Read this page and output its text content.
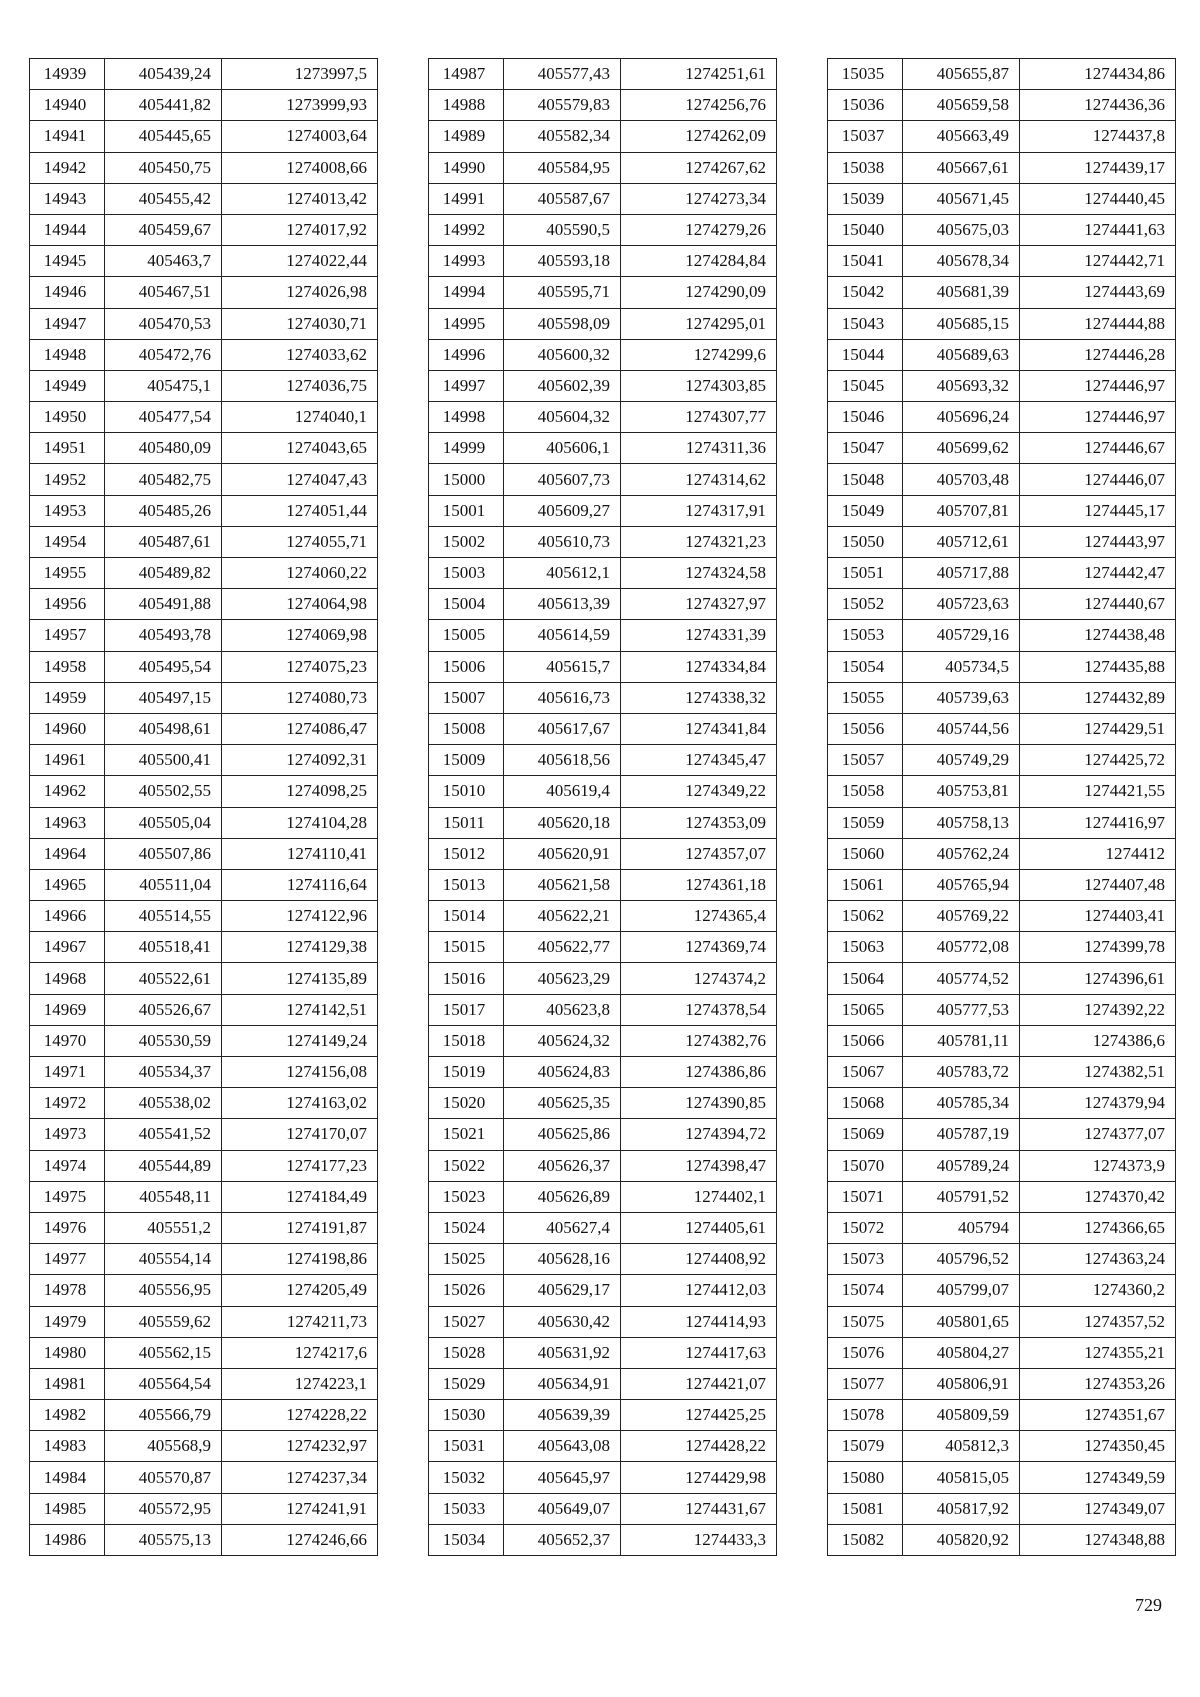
14939	405439,24	1273997,5
14940	405441,82	1273999,93
14941	405445,65	1274003,64
14942	405450,75	1274008,66
14943	405455,42	1274013,42
14944	405459,67	1274017,92
14945	405463,7	1274022,44
14946	405467,51	1274026,98
14947	405470,53	1274030,71
14948	405472,76	1274033,62
14949	405475,1	1274036,75
14950	405477,54	1274040,1
14951	405480,09	1274043,65
14952	405482,75	1274047,43
14953	405485,26	1274051,44
14954	405487,61	1274055,71
14955	405489,82	1274060,22
14956	405491,88	1274064,98
14957	405493,78	1274069,98
14958	405495,54	1274075,23
14959	405497,15	1274080,73
14960	405498,61	1274086,47
14961	405500,41	1274092,31
14962	405502,55	1274098,25
14963	405505,04	1274104,28
14964	405507,86	1274110,41
14965	405511,04	1274116,64
14966	405514,55	1274122,96
14967	405518,41	1274129,38
14968	405522,61	1274135,89
14969	405526,67	1274142,51
14970	405530,59	1274149,24
14971	405534,37	1274156,08
14972	405538,02	1274163,02
14973	405541,52	1274170,07
14974	405544,89	1274177,23
14975	405548,11	1274184,49
14976	405551,2	1274191,87
14977	405554,14	1274198,86
14978	405556,95	1274205,49
14979	405559,62	1274211,73
14980	405562,15	1274217,6
14981	405564,54	1274223,1
14982	405566,79	1274228,22
14983	405568,9	1274232,97
14984	405570,87	1274237,34
14985	405572,95	1274241,91
14986	405575,13	1274246,66
14987	405577,43	1274251,61
14988	405579,83	1274256,76
14989	405582,34	1274262,09
14990	405584,95	1274267,62
14991	405587,67	1274273,34
14992	405590,5	1274279,26
14993	405593,18	1274284,84
14994	405595,71	1274290,09
14995	405598,09	1274295,01
14996	405600,32	1274299,6
14997	405602,39	1274303,85
14998	405604,32	1274307,77
14999	405606,1	1274311,36
15000	405607,73	1274314,62
15001	405609,27	1274317,91
15002	405610,73	1274321,23
15003	405612,1	1274324,58
15004	405613,39	1274327,97
15005	405614,59	1274331,39
15006	405615,7	1274334,84
15007	405616,73	1274338,32
15008	405617,67	1274341,84
15009	405618,56	1274345,47
15010	405619,4	1274349,22
15011	405620,18	1274353,09
15012	405620,91	1274357,07
15013	405621,58	1274361,18
15014	405622,21	1274365,4
15015	405622,77	1274369,74
15016	405623,29	1274374,2
15017	405623,8	1274378,54
15018	405624,32	1274382,76
15019	405624,83	1274386,86
15020	405625,35	1274390,85
15021	405625,86	1274394,72
15022	405626,37	1274398,47
15023	405626,89	1274402,1
15024	405627,4	1274405,61
15025	405628,16	1274408,92
15026	405629,17	1274412,03
15027	405630,42	1274414,93
15028	405631,92	1274417,63
15029	405634,91	1274421,07
15030	405639,39	1274425,25
15031	405643,08	1274428,22
15032	405645,97	1274429,98
15033	405649,07	1274431,67
15034	405652,37	1274433,3
15035	405655,87	1274434,86
15036	405659,58	1274436,36
15037	405663,49	1274437,8
15038	405667,61	1274439,17
15039	405671,45	1274440,45
15040	405675,03	1274441,63
15041	405678,34	1274442,71
15042	405681,39	1274443,69
15043	405685,15	1274444,88
15044	405689,63	1274446,28
15045	405693,32	1274446,97
15046	405696,24	1274446,97
15047	405699,62	1274446,67
15048	405703,48	1274446,07
15049	405707,81	1274445,17
15050	405712,61	1274443,97
15051	405717,88	1274442,47
15052	405723,63	1274440,67
15053	405729,16	1274438,48
15054	405734,5	1274435,88
15055	405739,63	1274432,89
15056	405744,56	1274429,51
15057	405749,29	1274425,72
15058	405753,81	1274421,55
15059	405758,13	1274416,97
15060	405762,24	1274412
15061	405765,94	1274407,48
15062	405769,22	1274403,41
15063	405772,08	1274399,78
15064	405774,52	1274396,61
15065	405777,53	1274392,22
15066	405781,11	1274386,6
15067	405783,72	1274382,51
15068	405785,34	1274379,94
15069	405787,19	1274377,07
15070	405789,24	1274373,9
15071	405791,52	1274370,42
15072	405794	1274366,65
15073	405796,52	1274363,24
15074	405799,07	1274360,2
15075	405801,65	1274357,52
15076	405804,27	1274355,21
15077	405806,91	1274353,26
15078	405809,59	1274351,67
15079	405812,3	1274350,45
15080	405815,05	1274349,59
15081	405817,92	1274349,07
15082	405820,92	1274348,88
729
